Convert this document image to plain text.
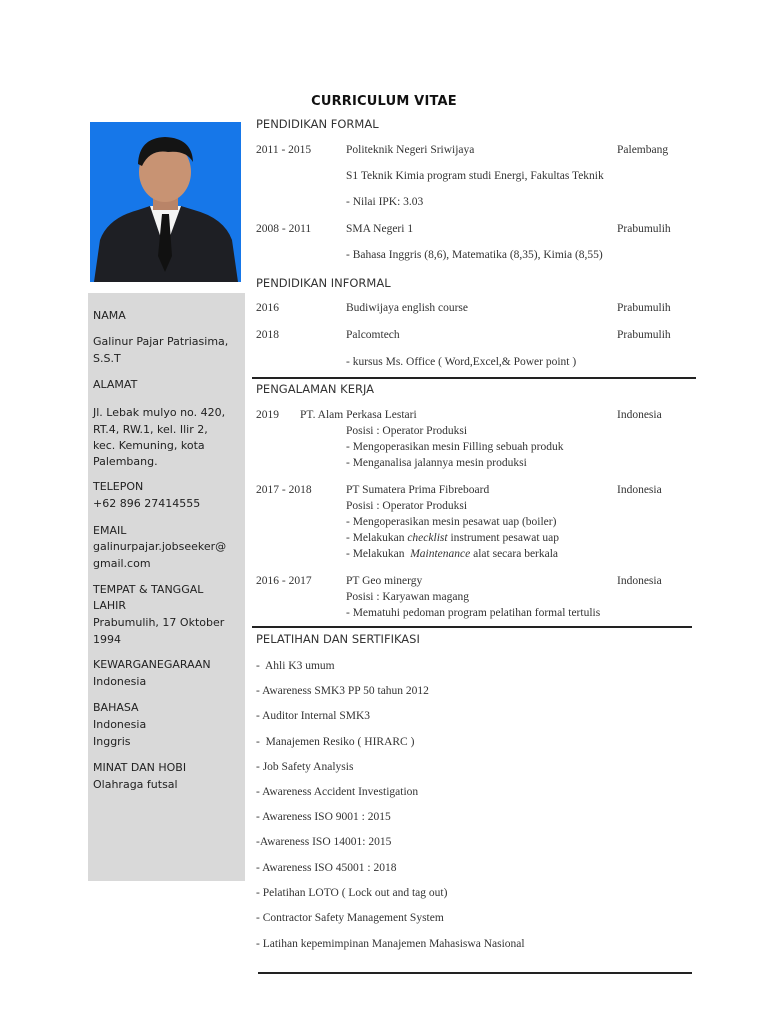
CURRICULUM VITAE
NAMA
Galinur Pajar Patriasima,
S.S.T
ALAMAT
Jl. Lebak mulyo no. 420,
RT.4, RW.1, kel. Ilir 2,
kec. Kemuning, kota
Palembang.
TELEPON
+62 896 27414555
EMAIL
galinurpajar.jobseeker@
gmail.com
TEMPAT & TANGGAL
LAHIR
Prabumulih, 17 Oktober
1994
KEWARGANEGARAAN
Indonesia
BAHASA
Indonesia
Inggris
MINAT DAN HOBI
Olahraga futsal
PENDIDIKAN FORMAL
2011 - 2015	Politeknik Negeri Sriwijaya	Palembang
S1 Teknik Kimia program studi Energi, Fakultas Teknik
- Nilai IPK: 3.03
2008 - 2011	SMA Negeri 1	Prabumulih
- Bahasa Inggris (8,6), Matematika (8,35), Kimia (8,55)
PENDIDIKAN INFORMAL
2016	Budiwijaya english course	Prabumulih
2018	Palcomtech	Prabumulih
- kursus Ms. Office ( Word,Excel,& Power point )
PENGALAMAN KERJA
2019 PT. Alam Perkasa Lestari	Indonesia
Posisi : Operator Produksi
- Mengoperasikan mesin Filling sebuah produk
- Menganalisa jalannya mesin produksi
2017 - 2018	PT Sumatera Prima Fibreboard	Indonesia
Posisi : Operator Produksi
- Mengoperasikan mesin pesawat uap (boiler)
- Melakukan checklist instrument pesawat uap
- Melakukan  Maintenance alat secara berkala
2016 - 2017	PT Geo minergy	Indonesia
Posisi : Karyawan magang
- Mematuhi pedoman program pelatihan formal tertulis
PELATIHAN DAN SERTIFIKASI
-  Ahli K3 umum
- Awareness SMK3 PP 50 tahun 2012
- Auditor Internal SMK3
-  Manajemen Resiko ( HIRARC )
- Job Safety Analysis
- Awareness Accident Investigation
- Awareness ISO 9001 : 2015
-Awareness ISO 14001: 2015
- Awareness ISO 45001 : 2018
- Pelatihan LOTO ( Lock out and tag out)
- Contractor Safety Management System
- Latihan kepemimpinan Manajemen Mahasiswa Nasional
